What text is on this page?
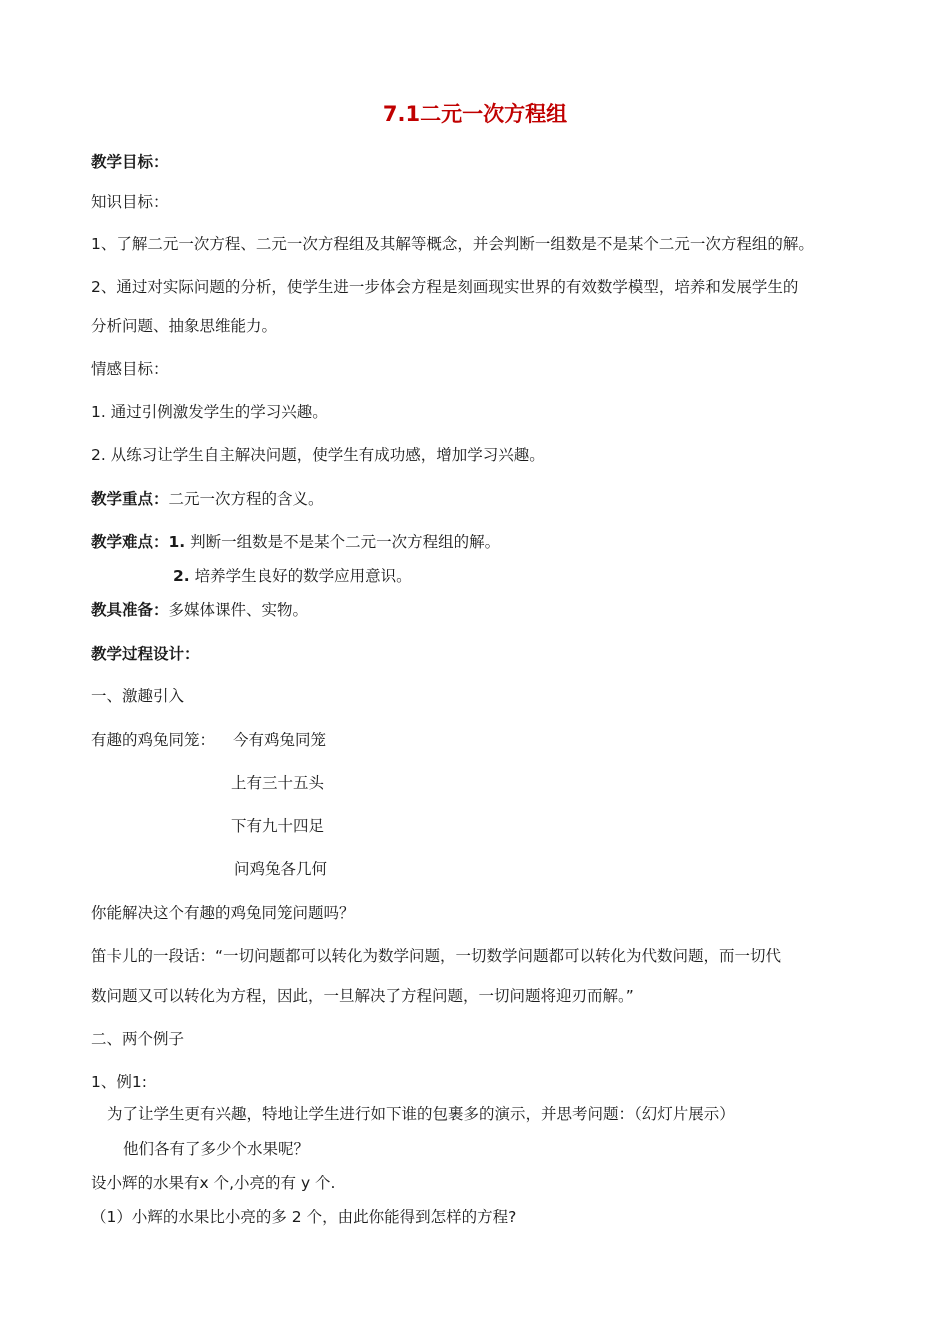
7.1二元一次方程组
教学目标：
知识目标：
1、了解二元一次方程、二元一次方程组及其解等概念，并会判断一组数是不是某个二元一次方程组的解。
2、通过对实际问题的分析，使学生进一步体会方程是刻画现实世界的有效数学模型，培养和发展学生的
分析问题、抽象思维能力。
情感目标：
1. 通过引例激发学生的学习兴趣。
2. 从练习让学生自主解决问题，使学生有成功感，增加学习兴趣。
教学重点：二元一次方程的含义。
教学难点：1. 判断一组数是不是某个二元一次方程组的解。
2. 培养学生良好的数学应用意识。
教具准备：多媒体课件、实物。
教学过程设计：
一、激趣引入
有趣的鸡兔同笼： 今有鸡兔同笼
上有三十五头
下有九十四足
问鸡兔各几何
你能解决这个有趣的鸡兔同笼问题吗？
笛卡儿的一段话：“一切问题都可以转化为数学问题，一切数学问题都可以转化为代数问题，而一切代
数问题又可以转化为方程，因此，一旦解决了方程问题，一切问题将迎刃而解。”
二、两个例子
1、例1:
为了让学生更有兴趣，特地让学生进行如下谁的包裹多的演示，并思考问题：（幻灯片展示）
他们各有了多少个水果呢？
设小辉的水果有x 个,小亮的有 y 个.
（1）小辉的水果比小亮的多 2 个，由此你能得到怎样的方程?
